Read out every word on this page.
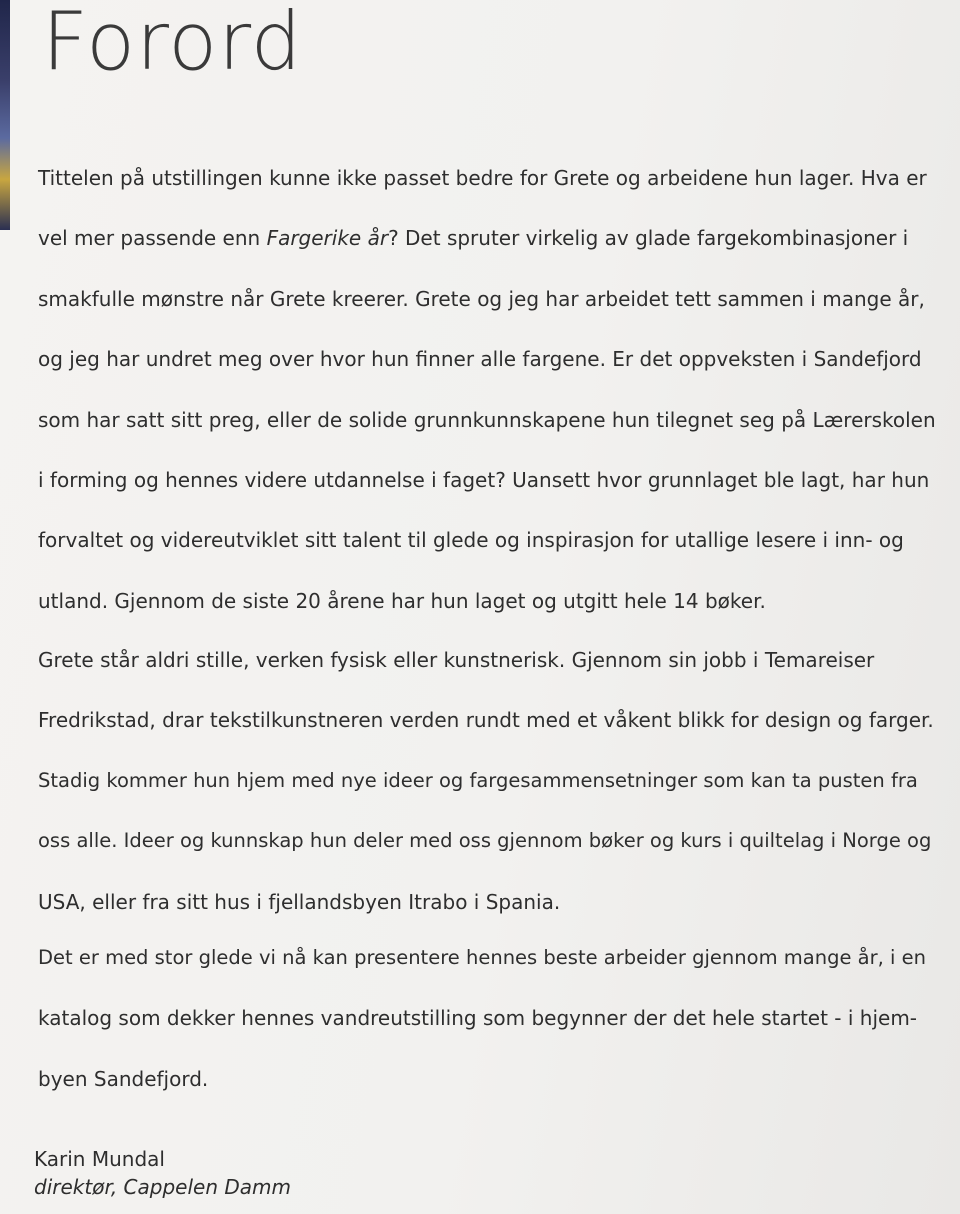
Forord

Tittelen på utstillingen kunne ikke passet bedre for Grete og arbeidene hun lager. Hva er
vel mer passende enn Fargerike år? Det spruter virkelig av glade fargekombinasjoner i
smakfulle mønstre når Grete kreerer. Grete og jeg har arbeidet tett sammen i mange år,
og jeg har undret meg over hvor hun finner alle fargene. Er det oppveksten i Sandefjord
som har satt sitt preg, eller de solide grunnkunnskapene hun tilegnet seg på Lærerskolen
i forming og hennes videre utdannelse i faget? Uansett hvor grunnlaget ble lagt, har hun
forvaltet og videreutviklet sitt talent til glede og inspirasjon for utallige lesere i inn- og
utland. Gjennom de siste 20 årene har hun laget og utgitt hele 14 bøker.

Grete står aldri stille, verken fysisk eller kunstnerisk. Gjennom sin jobb i Temareiser
Fredrikstad, drar tekstilkunstneren verden rundt med et våkent blikk for design og farger.
Stadig kommer hun hjem med nye ideer og fargesammensetninger som kan ta pusten fra
oss alle. Ideer og kunnskap hun deler med oss gjennom bøker og kurs i quiltelag i Norge og
USA, eller fra sitt hus i fjellandsbyen Itrabo i Spania.

Det er med stor glede vi nå kan presentere hennes beste arbeider gjennom mange år, i en
katalog som dekker hennes vandreutstilling som begynner der det hele startet - i hjem-
byen Sandefjord.

Karin Mundal
direktør, Cappelen Damm
